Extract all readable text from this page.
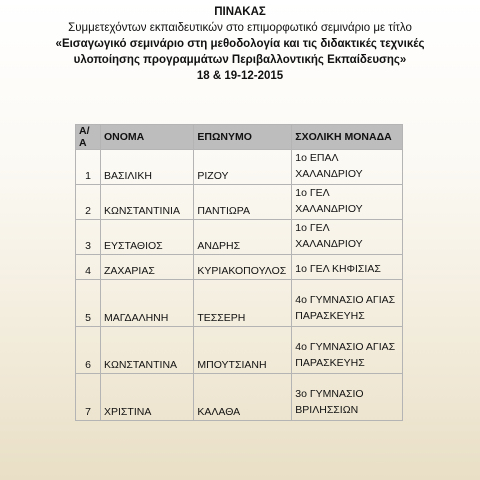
ΠΙΝΑΚΑΣ
Συμμετεχόντων εκπαιδευτικών στο επιμορφωτικό σεμινάριο με τίτλο
«Εισαγωγικό σεμινάριο στη μεθοδολογία και τις διδακτικές τεχνικές
υλοποίησης προγραμμάτων Περιβαλλοντικής Εκπαίδευσης»
18 & 19-12-2015
Α/Α	ΟΝΟΜΑ	ΕΠΩΝΥΜΟ	ΣΧΟΛΙΚΗ ΜΟΝΑΔΑ
1	ΒΑΣΙΛΙΚΗ	ΡΙΖΟΥ	1ο ΕΠΑΛ ΧΑΛΑΝΔΡΙΟΥ
2	ΚΩΝΣΤΑΝΤΙΝΙΑ	ΠΑΝΤΙΩΡΑ	1ο ΓΕΛ ΧΑΛΑΝΔΡΙΟΥ
3	ΕΥΣΤΑΘΙΟΣ	ΑΝΔΡΗΣ	1ο ΓΕΛ ΧΑΛΑΝΔΡΙΟΥ
4	ΖΑΧΑΡΙΑΣ	ΚΥΡΙΑΚΟΠΟΥΛΟΣ	1ο ΓΕΛ ΚΗΦΙΣΙΑΣ
5	ΜΑΓΔΑΛΗΝΗ	ΤΕΣΣΕΡΗ	4ο ΓΥΜΝΑΣΙΟ ΑΓΙΑΣ ΠΑΡΑΣΚΕΥΗΣ
6	ΚΩΝΣΤΑΝΤΙΝΑ	ΜΠΟΥΤΣΙΑΝΗ	4ο ΓΥΜΝΑΣΙΟ ΑΓΙΑΣ ΠΑΡΑΣΚΕΥΗΣ
7	ΧΡΙΣΤΙΝΑ	ΚΑΛΑΘΑ	3ο ΓΥΜΝΑΣΙΟ ΒΡΙΛΗΣΣΙΩΝ
